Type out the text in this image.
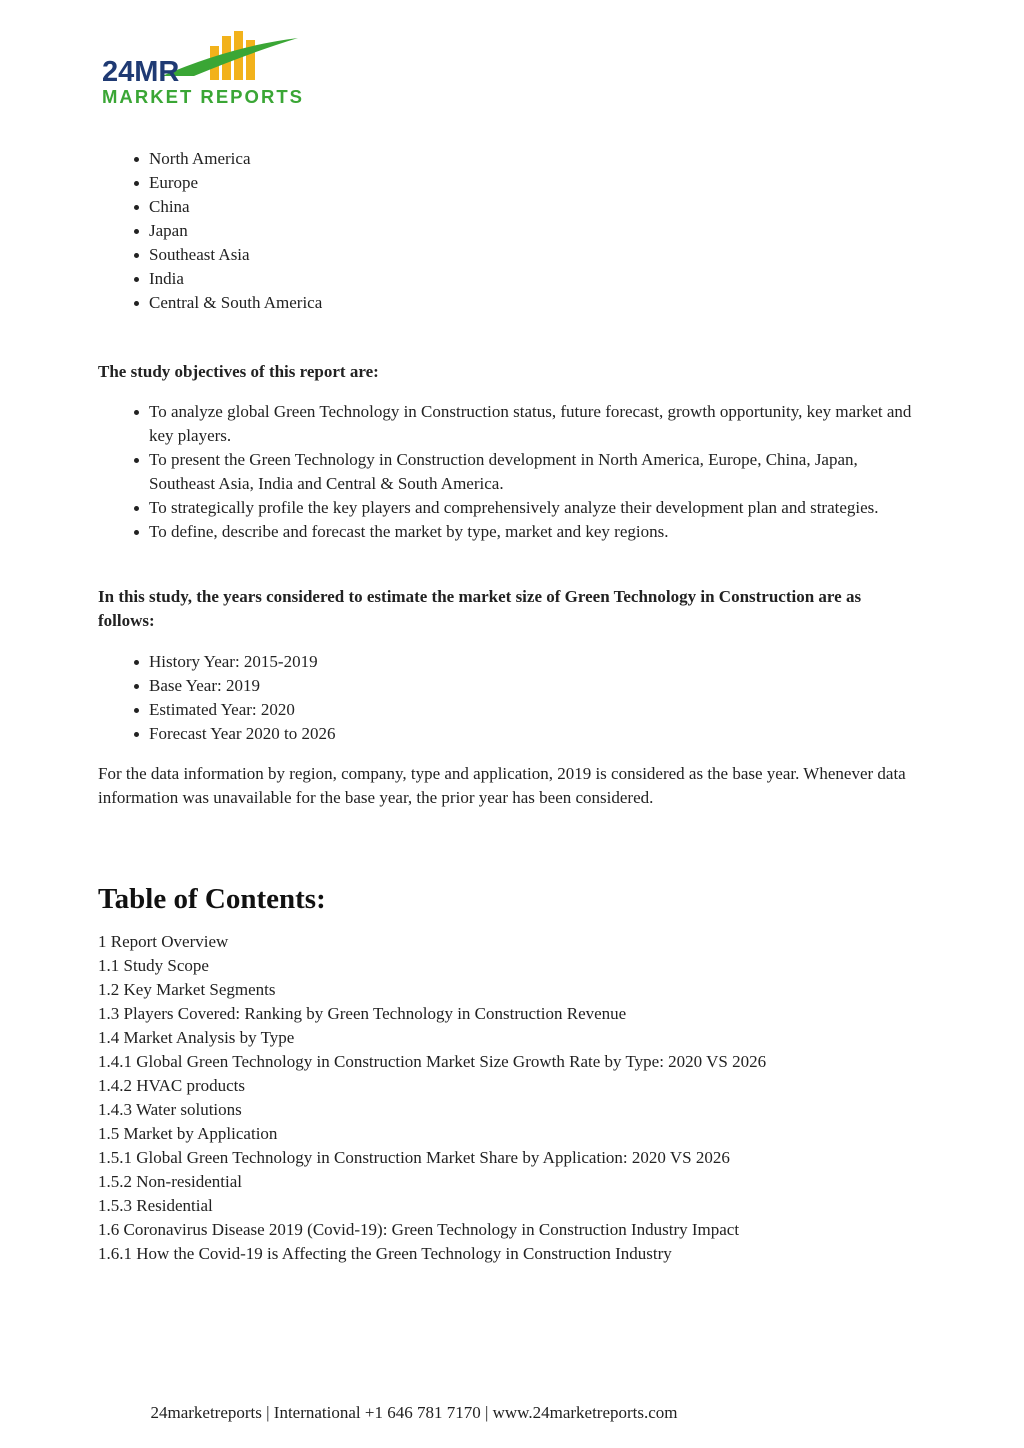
24MR
MARKET REPORTS
North America
Europe
China
Japan
Southeast Asia
India
Central & South America
The study objectives of this report are:
To analyze global Green Technology in Construction status, future forecast, growth opportunity, key market and key players.
To present the Green Technology in Construction development in North America, Europe, China, Japan, Southeast Asia, India and Central & South America.
To strategically profile the key players and comprehensively analyze their development plan and strategies.
To define, describe and forecast the market by type, market and key regions.
In this study, the years considered to estimate the market size of Green Technology in Construction are as follows:
History Year: 2015-2019
Base Year: 2019
Estimated Year: 2020
Forecast Year 2020 to 2026

For the data information by region, company, type and application, 2019 is considered as the base year. Whenever data information was unavailable for the base year, the prior year has been considered.

Table of Contents:
1 Report Overview
1.1 Study Scope
1.2 Key Market Segments
1.3 Players Covered: Ranking by Green Technology in Construction Revenue
1.4 Market Analysis by Type
1.4.1 Global Green Technology in Construction Market Size Growth Rate by Type: 2020 VS 2026
1.4.2 HVAC products
1.4.3 Water solutions
1.5 Market by Application
1.5.1 Global Green Technology in Construction Market Share by Application: 2020 VS 2026
1.5.2 Non-residential
1.5.3 Residential
1.6 Coronavirus Disease 2019 (Covid-19): Green Technology in Construction Industry Impact
1.6.1 How the Covid-19 is Affecting the Green Technology in Construction Industry
24marketreports | International +1 646 781 7170 | www.24marketreports.com
